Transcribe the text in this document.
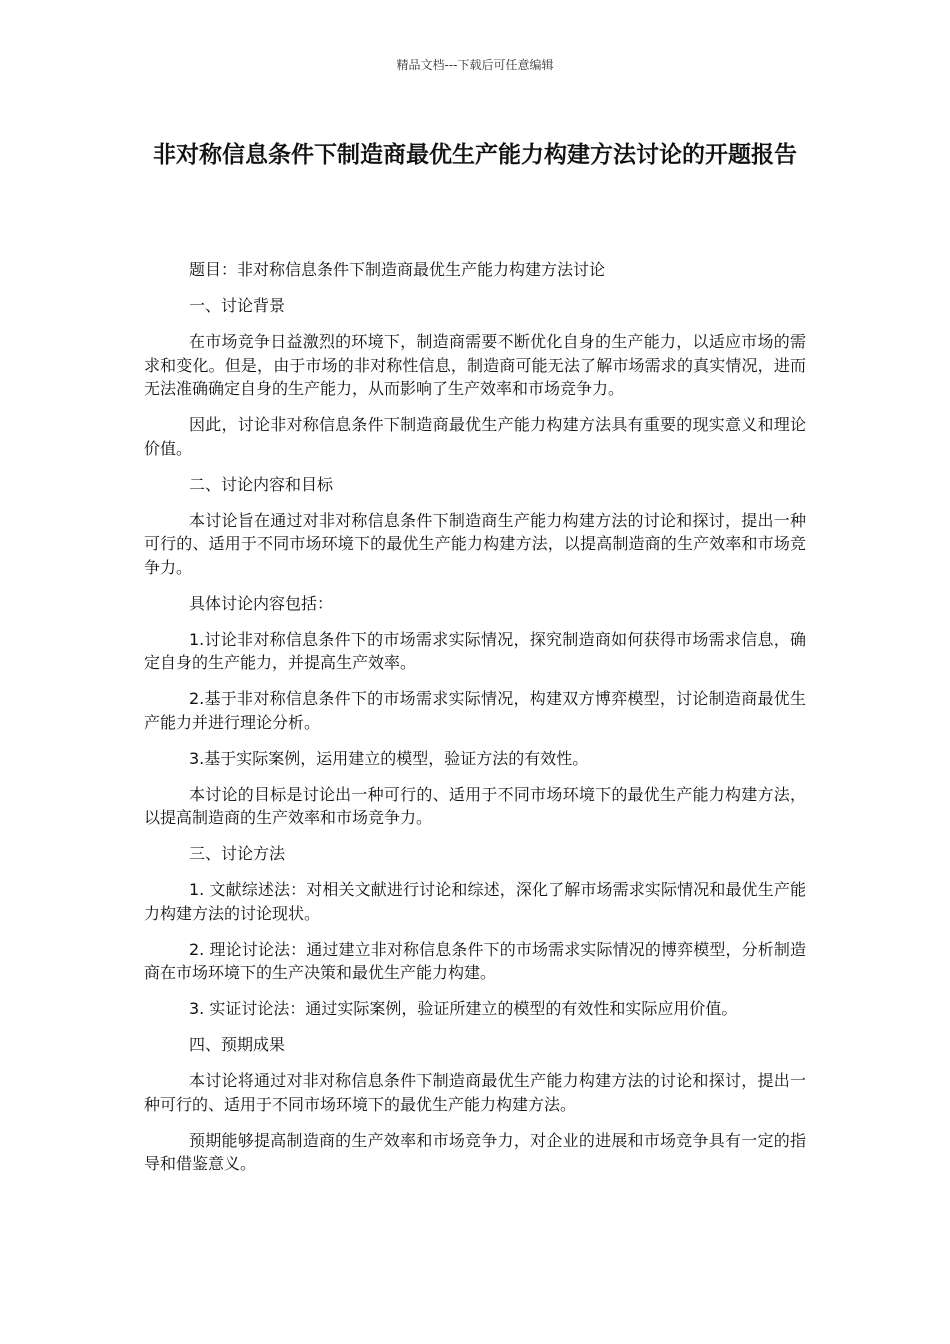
精品文档---下载后可任意编辑
非对称信息条件下制造商最优生产能力构建方法讨论的开题报告

题目：非对称信息条件下制造商最优生产能力构建方法讨论

一、讨论背景

在市场竞争日益激烈的环境下，制造商需要不断优化自身的生产能力，以适应市场的需求和变化。但是，由于市场的非对称性信息，制造商可能无法了解市场需求的真实情况，进而无法准确确定自身的生产能力，从而影响了生产效率和市场竞争力。

因此，讨论非对称信息条件下制造商最优生产能力构建方法具有重要的现实意义和理论价值。

二、讨论内容和目标

本讨论旨在通过对非对称信息条件下制造商生产能力构建方法的讨论和探讨，提出一种可行的、适用于不同市场环境下的最优生产能力构建方法，以提高制造商的生产效率和市场竞争力。

具体讨论内容包括：

1.讨论非对称信息条件下的市场需求实际情况，探究制造商如何获得市场需求信息，确定自身的生产能力，并提高生产效率。

2.基于非对称信息条件下的市场需求实际情况，构建双方博弈模型，讨论制造商最优生产能力并进行理论分析。

3.基于实际案例，运用建立的模型，验证方法的有效性。

本讨论的目标是讨论出一种可行的、适用于不同市场环境下的最优生产能力构建方法，以提高制造商的生产效率和市场竞争力。

三、讨论方法

1. 文献综述法：对相关文献进行讨论和综述，深化了解市场需求实际情况和最优生产能力构建方法的讨论现状。

2. 理论讨论法：通过建立非对称信息条件下的市场需求实际情况的博弈模型，分析制造商在市场环境下的生产决策和最优生产能力构建。

3. 实证讨论法：通过实际案例，验证所建立的模型的有效性和实际应用价值。

四、预期成果

本讨论将通过对非对称信息条件下制造商最优生产能力构建方法的讨论和探讨，提出一种可行的、适用于不同市场环境下的最优生产能力构建方法。

预期能够提高制造商的生产效率和市场竞争力，对企业的进展和市场竞争具有一定的指导和借鉴意义。
